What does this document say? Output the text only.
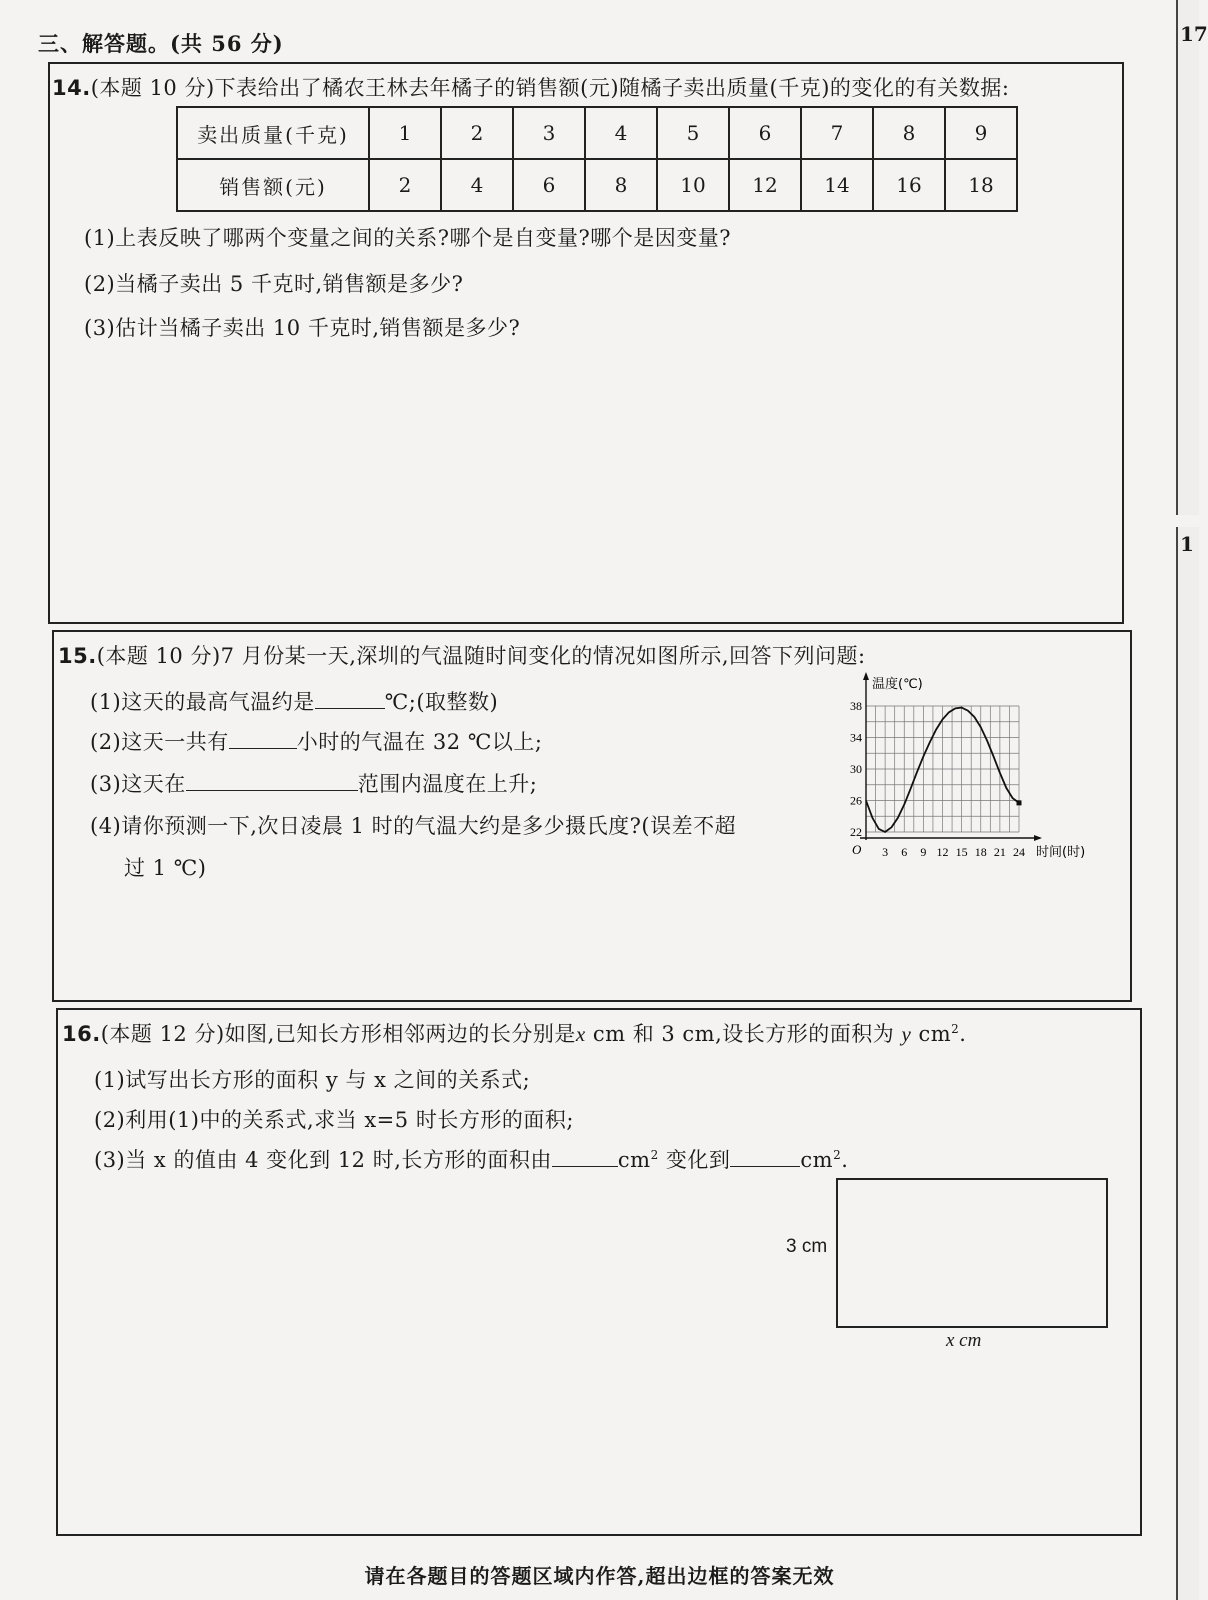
三、解答题。(共 56 分)	17
1
14.(本题 10 分)下表给出了橘农王林去年橘子的销售额(元)随橘子卖出质量(千克)的变化的有关数据:
卖出质量(千克)	1	2	3	4	5	6	7	8	9
销售额(元)	2	4	6	8	10	12	14	16	18
(1)上表反映了哪两个变量之间的关系?哪个是自变量?哪个是因变量?
(2)当橘子卖出 5 千克时,销售额是多少?
(3)估计当橘子卖出 10 千克时,销售额是多少?
15.(本题 10 分)7 月份某一天,深圳的气温随时间变化的情况如图所示,回答下列问题:
(1)这天的最高气温约是	℃;(取整数)
(2)这天一共有	小时的气温在 32 ℃以上;
(3)这天在	范围内温度在上升;
(4)请你预测一下,次日凌晨 1 时的气温大约是多少摄氏度?(误差不超
过 1 ℃)
22
26
30
34
38
3 6 9 12 15 18 21 24
O
温度(℃)
时间(时)
16.(本题 12 分)如图,已知长方形相邻两边的长分别是x cm 和 3 cm,设长方形的面积为 y $cm^2$.
(1)试写出长方形的面积 y 与 x 之间的关系式;
(2)利用(1)中的关系式,求当 x=5 时长方形的面积;
(3)当 x 的值由 4 变化到 12 时,长方形的面积由	$cm^2$ 变化到	$cm^2$.
3 cm
x cm
请在各题目的答题区域内作答,超出边框的答案无效
